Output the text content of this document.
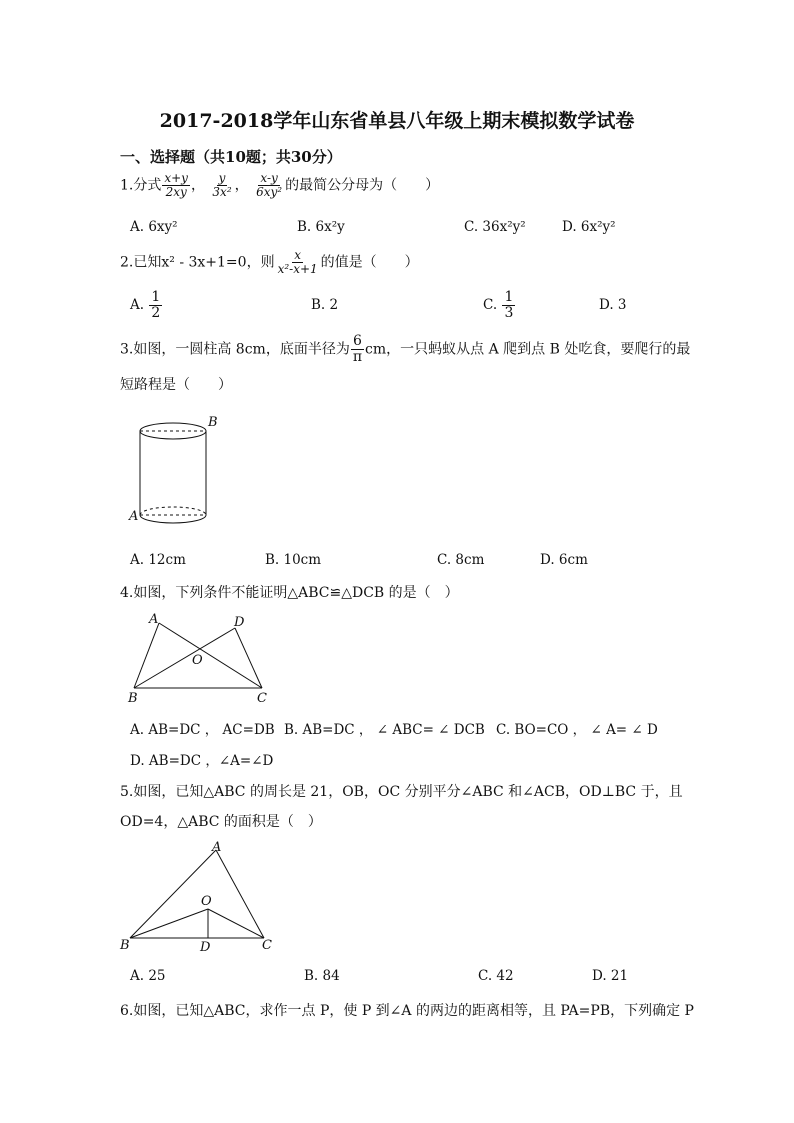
2017-2018学年山东省单县八年级上期末模拟数学试卷
一、选择题（共10题；共30分）
1.分式 $\frac{x+y}{2xy}$ ， $\frac{y}{\text{3x²}}$ ， $\frac{x-y}{\text{6xy²}}$ 的最简公分母为（　　）
A. 6xy²	B. 6x²y	C. 36x²y²	D. 6x²y²
2.已知x² - 3x+1=0，则 $\frac{x}{\text{x²-x+1}}$ 的值是（　　）
A. $\frac{1}{2}$	B. 2	C. $\frac{1}{3}$	D. 3
3.如图，一圆柱高 8cm，底面半径为 $\frac{6}{\pi}$ cm，一只蚂蚁从点 A 爬到点 B 处吃食，要爬行的最
短路程是（　　）
B
A
A. 12cm	B. 10cm	C. 8cm	D. 6cm
4.如图，下列条件不能证明△ABC≌△DCB 的是（　）
A	D
O
B	C
A. AB=DC ， AC=DB B. AB=DC ， ∠ ABC= ∠ DCB C. BO=CO ， ∠ A= ∠ D
D. AB=DC ，∠A=∠D
5.如图，已知△ABC 的周长是 21，OB，OC 分别平分∠ABC 和∠ACB，OD⊥BC 于，且
OD=4，△ABC 的面积是（　）
A
O
B	D	C
A. 25	B. 84	C. 42	D. 21
6.如图，已知△ABC，求作一点 P，使 P 到∠A 的两边的距离相等，且 PA=PB，下列确定 P
